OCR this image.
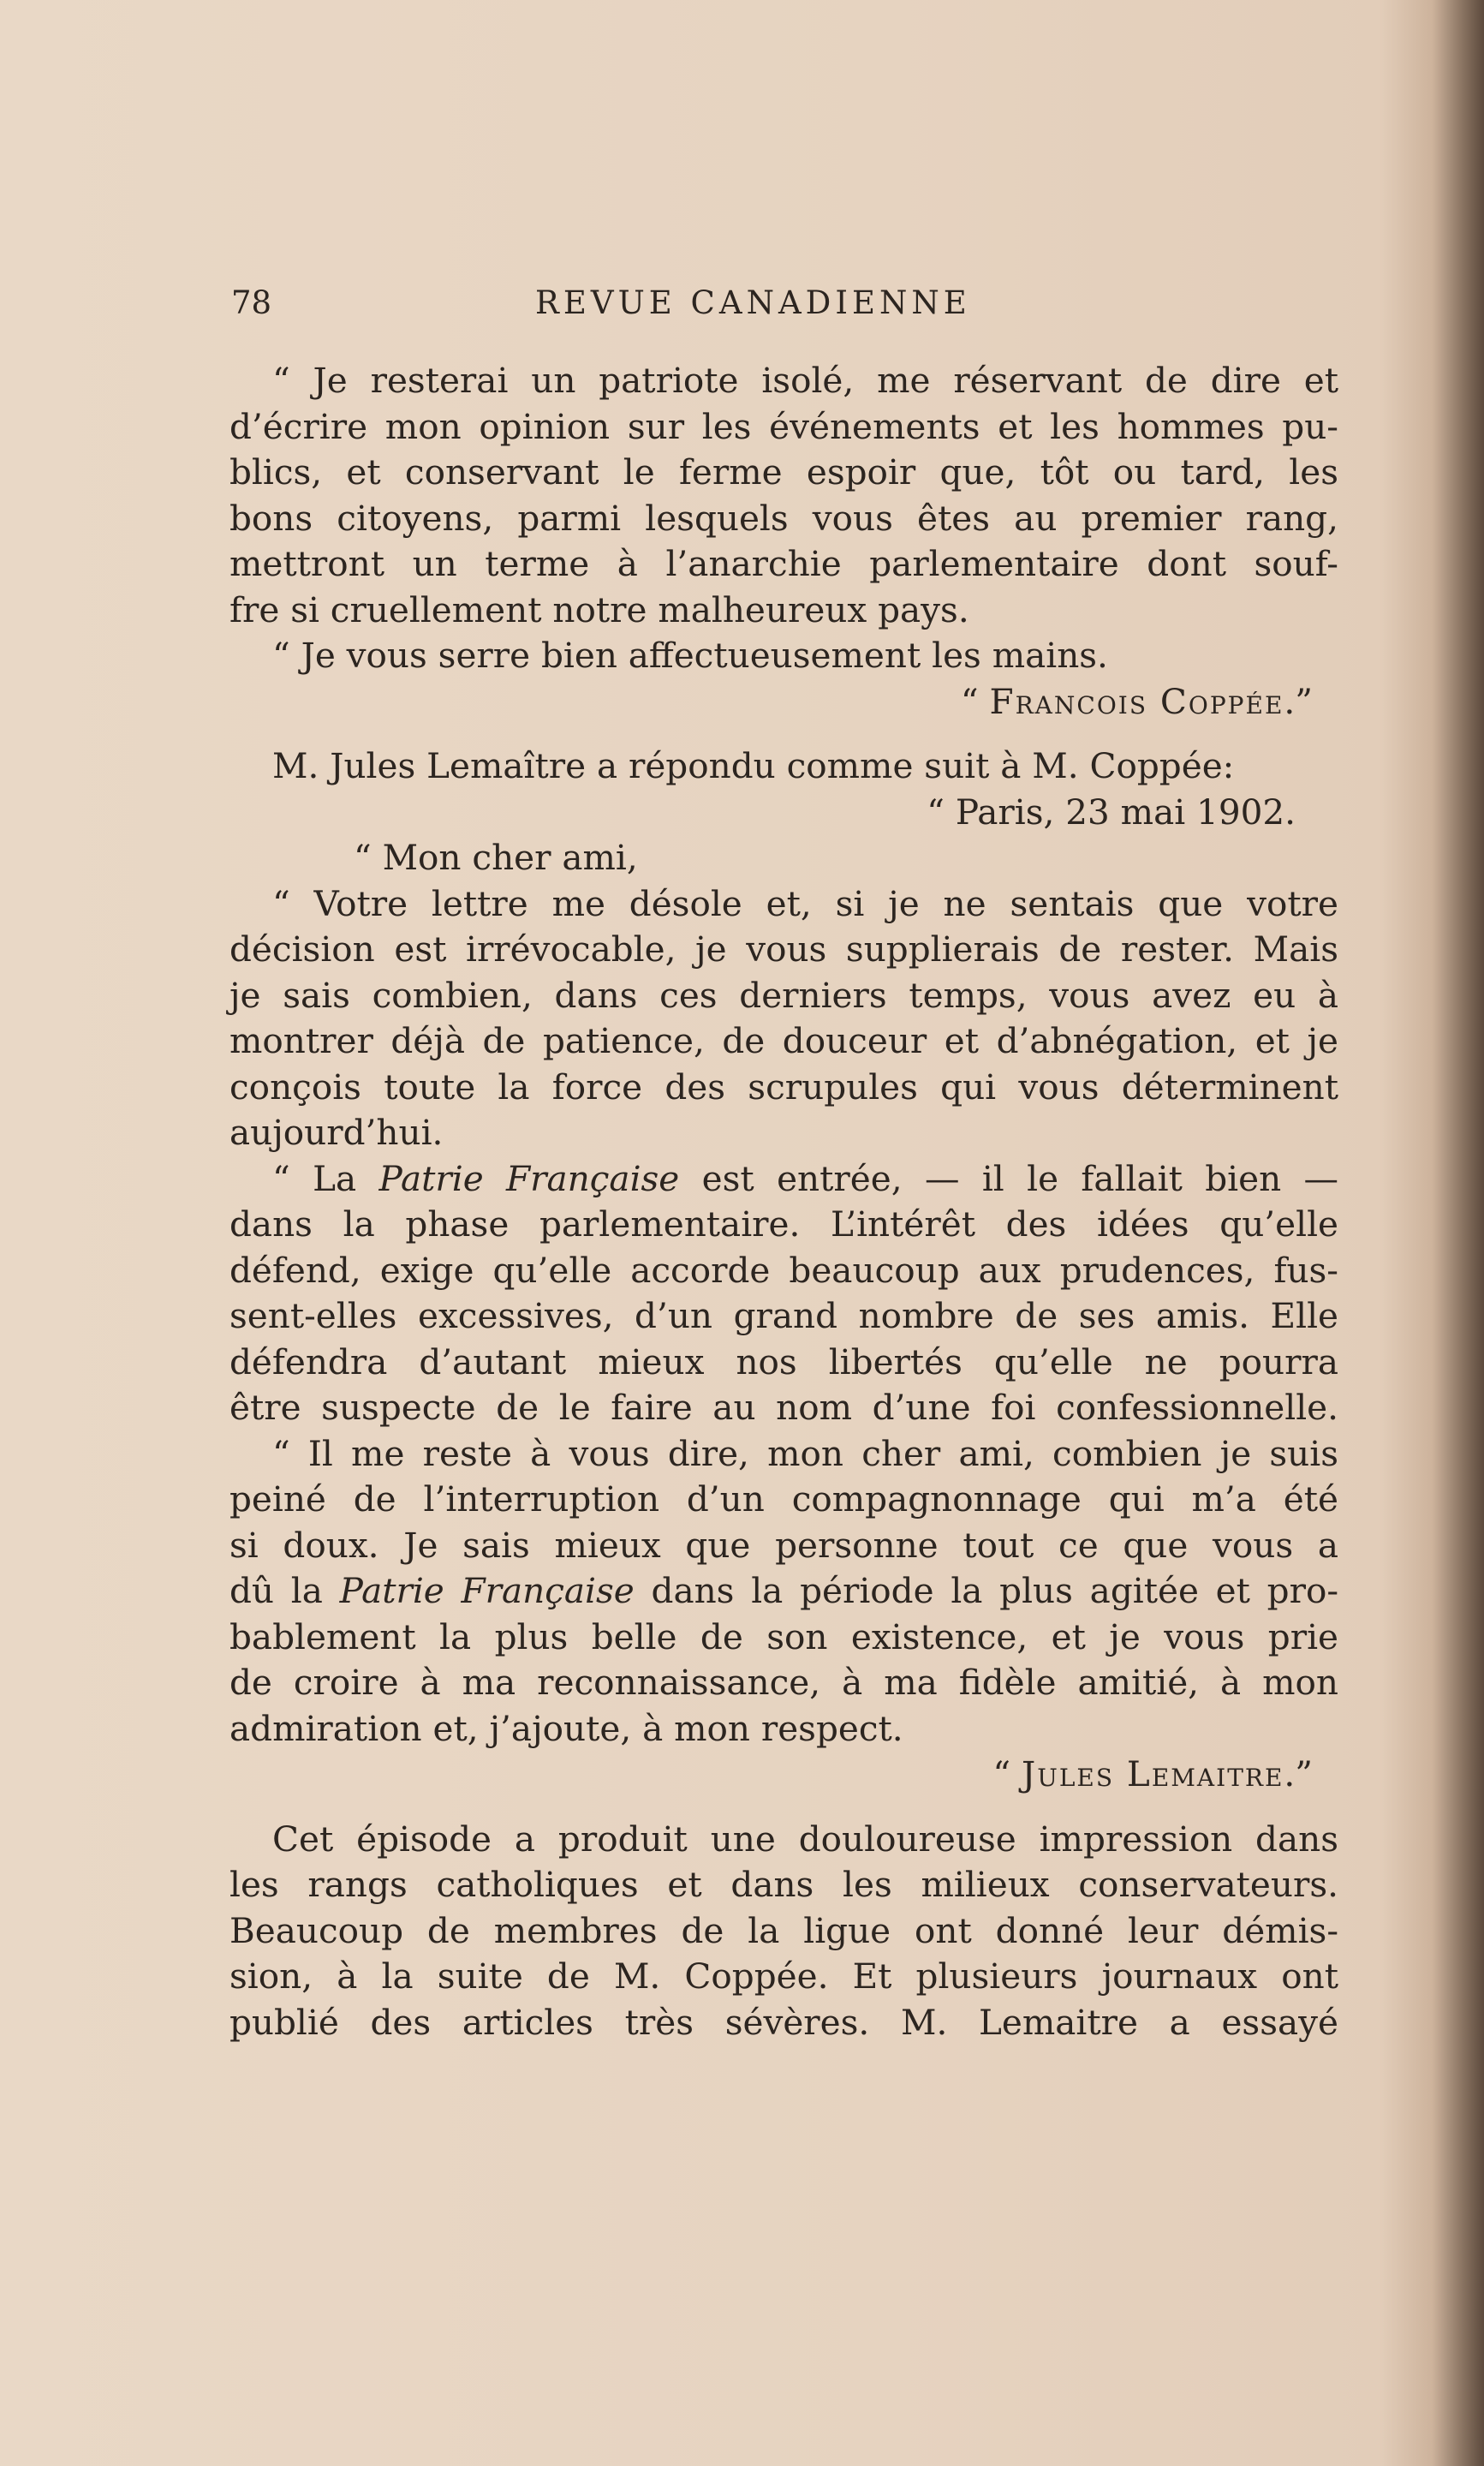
78	REVUE CANADIENNE
“ Je resterai un patriote isolé, me réservant de dire et
d’écrire mon opinion sur les événements et les hommes pu-
blics, et conservant le ferme espoir que, tôt ou tard, les
bons citoyens, parmi lesquels vous êtes au premier rang,
mettront un terme à l’anarchie parlementaire dont souf-
fre si cruellement notre malheureux pays.
“ Je vous serre bien affectueusement les mains.
“ Francois Coppée.”
M. Jules Lemaître a répondu comme suit à M. Coppée:
“ Paris, 23 mai 1902.
“ Mon cher ami,
“ Votre lettre me désole et, si je ne sentais que votre
décision est irrévocable, je vous supplierais de rester. Mais
je sais combien, dans ces derniers temps, vous avez eu à
montrer déjà de patience, de douceur et d’abnégation, et je
conçois toute la force des scrupules qui vous déterminent
aujourd’hui.
“ La Patrie Française est entrée, — il le fallait bien —
dans la phase parlementaire. L’intérêt des idées qu’elle
défend, exige qu’elle accorde beaucoup aux prudences, fus-
sent-elles excessives, d’un grand nombre de ses amis. Elle
défendra d’autant mieux nos libertés qu’elle ne pourra
être suspecte de le faire au nom d’une foi confessionnelle.
“ Il me reste à vous dire, mon cher ami, combien je suis
peiné de l’interruption d’un compagnonnage qui m’a été
si doux. Je sais mieux que personne tout ce que vous a
dû la Patrie Française dans la période la plus agitée et pro-
bablement la plus belle de son existence, et je vous prie
de croire à ma reconnaissance, à ma fidèle amitié, à mon
admiration et, j’ajoute, à mon respect.
“ Jules Lemaitre.”
Cet épisode a produit une douloureuse impression dans
les rangs catholiques et dans les milieux conservateurs.
Beaucoup de membres de la ligue ont donné leur démis-
sion, à la suite de M. Coppée. Et plusieurs journaux ont
publié des articles très sévères. M. Lemaitre a essayé
